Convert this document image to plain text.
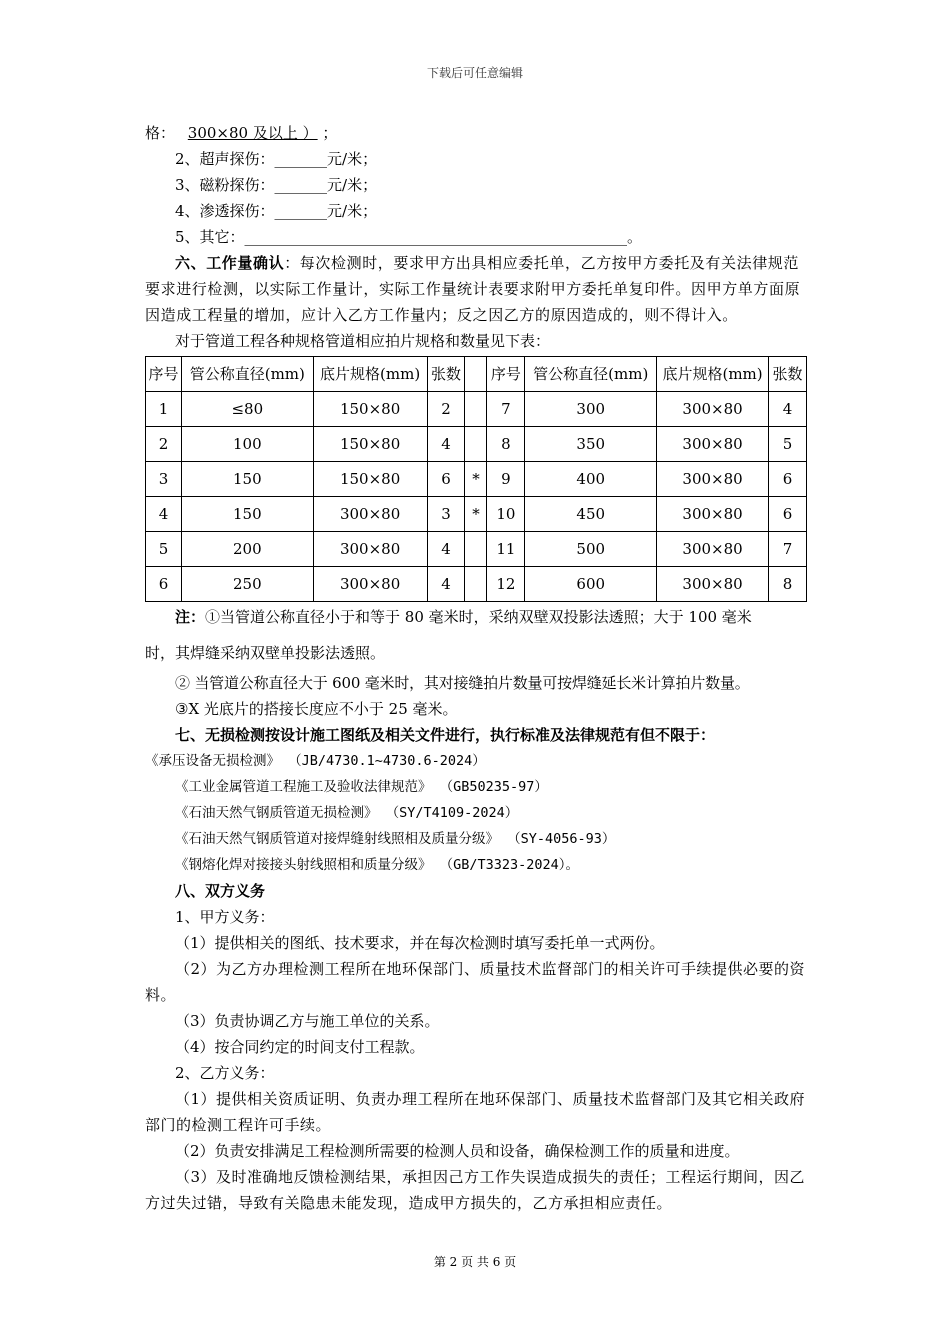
下载后可任意编辑
格： 300×80 及以上 ） ；
2、超声探伤：_______元/米；
3、磁粉探伤：_______元/米；
4、渗透探伤：_______元/米；
5、其它：___________________________________________________。
六、工作量确认：每次检测时，要求甲方出具相应委托单，乙方按甲方委托及有关法律规范要求进行检测，以实际工作量计，实际工作量统计表要求附甲方委托单复印件。因甲方单方面原因造成工程量的增加，应计入乙方工作量内；反之因乙方的原因造成的，则不得计入。
对于管道工程各种规格管道相应拍片规格和数量见下表：
序号	管公称直径(mm)	底片规格(mm)	张数		序号	管公称直径(mm)	底片规格(mm)	张数
1	≤80	150×80	2		7	300	300×80	4
2	100	150×80	4		8	350	300×80	5
3	150	150×80	6	*	9	400	300×80	6
4	150	300×80	3	*	10	450	300×80	6
5	200	300×80	4		11	500	300×80	7
6	250	300×80	4		12	600	300×80	8
注：①当管道公称直径小于和等于 80 毫米时，采纳双壁双投影法透照；大于 100 毫米
时，其焊缝采纳双壁单投影法透照。
② 当管道公称直径大于 600 毫米时，其对接缝拍片数量可按焊缝延长米计算拍片数量。
③X 光底片的搭接长度应不小于 25 毫米。
七、无损检测按设计施工图纸及相关文件进行，执行标准及法律规范有但不限于：
《承压设备无损检测》 （JB/4730.1~4730.6-2024）
《工业金属管道工程施工及验收法律规范》 （GB50235-97）
《石油天然气钢质管道无损检测》 （SY/T4109-2024）
《石油天然气钢质管道对接焊缝射线照相及质量分级》 （SY-4056-93）
《钢熔化焊对接接头射线照相和质量分级》 （GB/T3323-2024）。
八、双方义务
1、甲方义务：
（1）提供相关的图纸、技术要求，并在每次检测时填写委托单一式两份。
（2）为乙方办理检测工程所在地环保部门、质量技术监督部门的相关许可手续提供必要的资料。
（3）负责协调乙方与施工单位的关系。
（4）按合同约定的时间支付工程款。
2、乙方义务：
（1）提供相关资质证明、负责办理工程所在地环保部门、质量技术监督部门及其它相关政府部门的检测工程许可手续。
（2）负责安排满足工程检测所需要的检测人员和设备，确保检测工作的质量和进度。
（3）及时准确地反馈检测结果，承担因己方工作失误造成损失的责任；工程运行期间，因乙方过失过错，导致有关隐患未能发现，造成甲方损失的，乙方承担相应责任。
第 2 页 共 6 页
